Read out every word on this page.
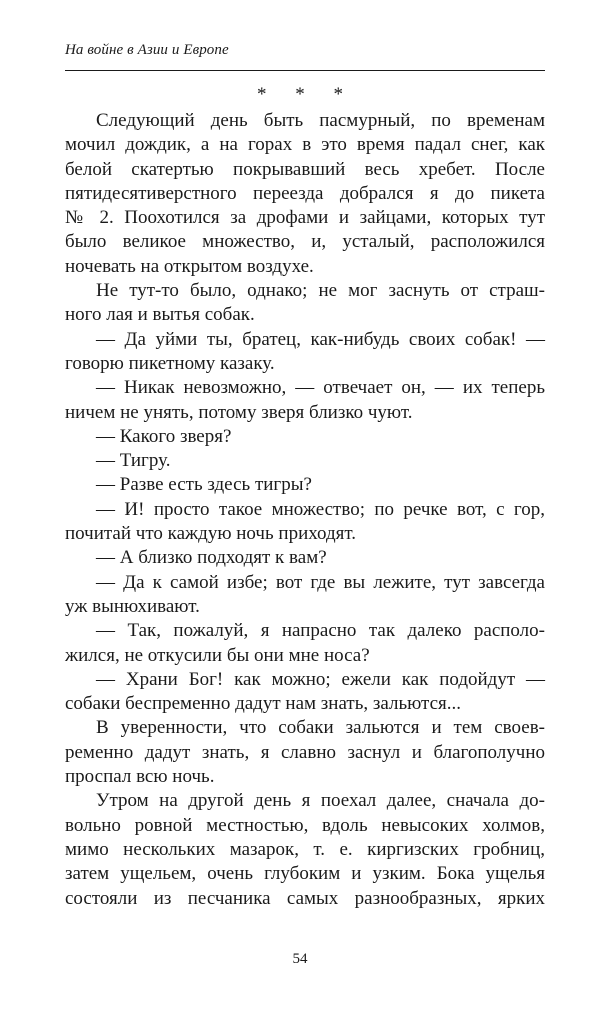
На войне в Азии и Европе
* * *
Следующий день быть пасмурный, по временам
мочил дождик, а на горах в это время падал снег, как
белой скатертью покрывавший весь хребет. После
пятидесятиверстного переезда добрался я до пикета
№ 2. Поохотился за дрофами и зайцами, которых тут
было великое множество, и, усталый, расположился
ночевать на открытом воздухе.
Не тут-то было, однако; не мог заснуть от страш-
ного лая и вытья собак.
— Да уйми ты, братец, как-нибудь своих собак! —
говорю пикетному казаку.
— Никак невозможно, — отвечает он, — их теперь
ничем не унять, потому зверя близко чуют.
— Какого зверя?
— Тигру.
— Разве есть здесь тигры?
— И! просто такое множество; по речке вот, с гор,
почитай что каждую ночь приходят.
— А близко подходят к вам?
— Да к самой избе; вот где вы лежите, тут завсегда
уж вынюхивают.
— Так, пожалуй, я напрасно так далеко располо-
жился, не откусили бы они мне носа?
— Храни Бог! как можно; ежели как подойдут —
собаки беспременно дадут нам знать, зальются...
В уверенности, что собаки зальются и тем своев-
ременно дадут знать, я славно заснул и благополучно
проспал всю ночь.
Утром на другой день я поехал далее, сначала до-
вольно ровной местностью, вдоль невысоких холмов,
мимо нескольких мазарок, т. е. киргизских гробниц,
затем ущельем, очень глубоким и узким. Бока ущелья
состояли из песчаника самых разнообразных, ярких
54
